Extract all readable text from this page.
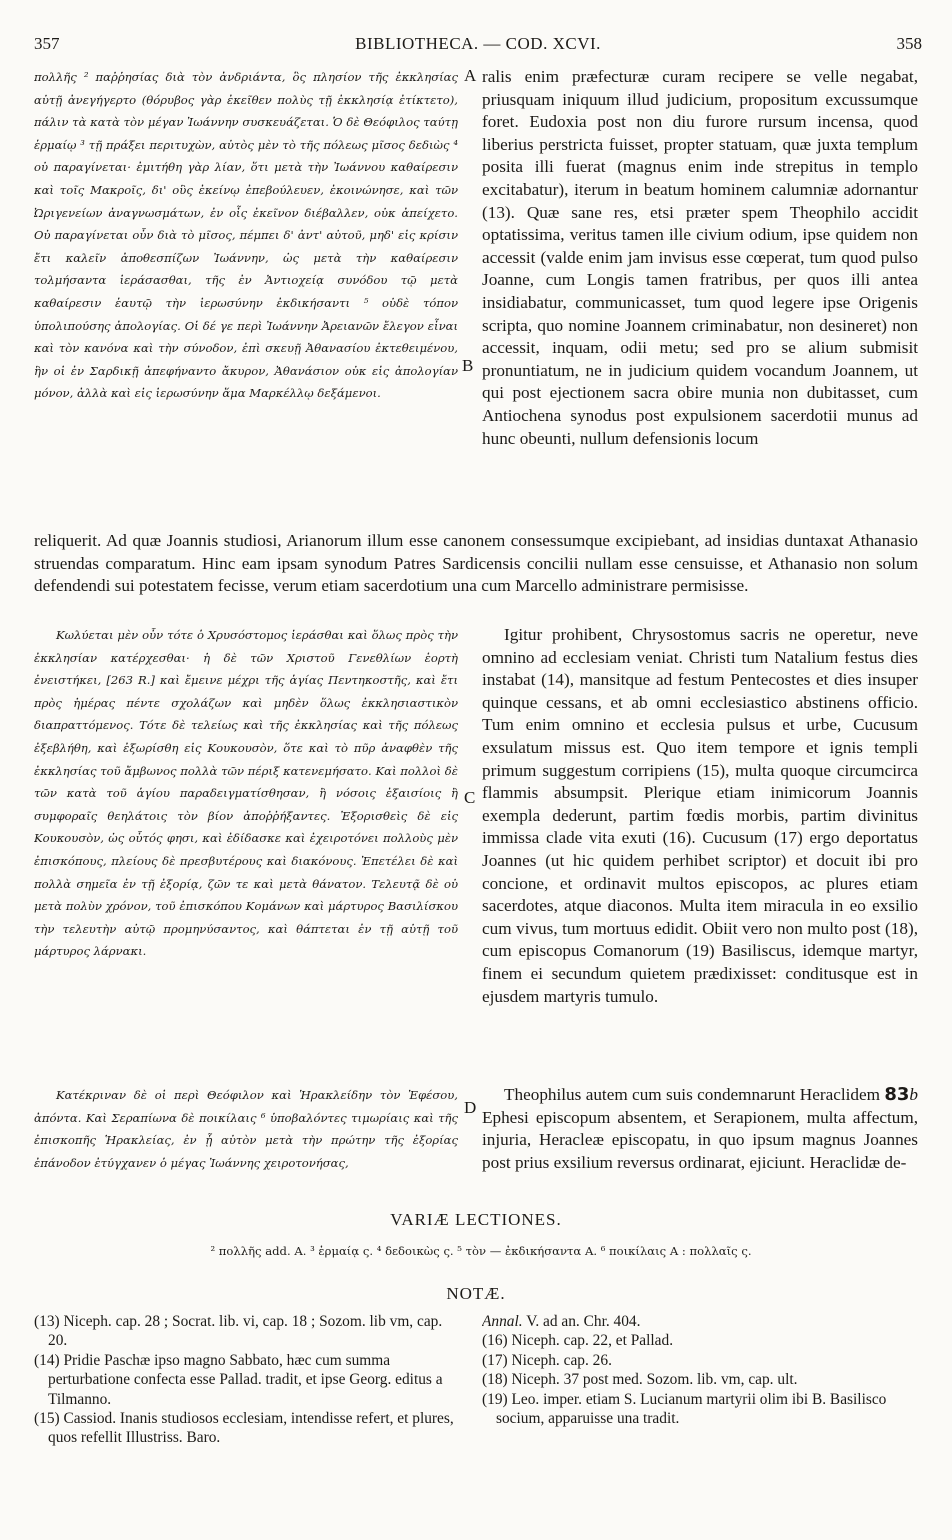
357	BIBLIOTHECA. — COD. XCVI.	358
πολλῆς ² παῤῥησίας διὰ τὸν ἀνδριάντα, ὃς πλησίον τῆς ἐκκλησίας αὐτῇ ἀνεγήγερτο (θόρυβος γὰρ ἐκεῖθεν πολὺς τῇ ἐκκλησίᾳ ἐτίκτετο), πάλιν τὰ κατὰ τὸν μέγαν Ἰωάννην συσκευάζεται. Ὁ δὲ Θεόφιλος ταύτῃ ἑρμαίῳ ³ τῇ πράξει περιτυχὼν, αὐτὸς μὲν τὸ τῆς πόλεως μῖσος δεδιὼς ⁴ οὐ παραγίνεται· ἐμιτήθη γὰρ λίαν, ὅτι μετὰ τὴν Ἰωάννου καθαίρεσιν καὶ τοῖς Μακροῖς, δι' οὓς ἐκείνῳ ἐπεβούλευεν, ἐκοινώνησε, καὶ τῶν Ὠριγενείων ἀναγνωσμάτων, ἐν οἷς ἐκεῖνον διέβαλλεν, οὐκ ἀπείχετο. Οὐ παραγίνεται οὖν διὰ τὸ μῖσος, πέμπει δ' ἀντ' αὐτοῦ, μηδ' εἰς κρίσιν ἔτι καλεῖν ἀποθεσπίζων Ἰωάννην, ὡς μετὰ τὴν καθαίρεσιν τολμήσαντα ἱεράσασθαι, τῆς ἐν Ἀντιοχείᾳ συνόδου τῷ μετὰ καθαίρεσιν ἑαυτῷ τὴν ἱερωσύνην ἐκδικήσαντι ⁵ οὐδὲ τόπον ὑπολιπούσης ἀπολογίας. Οἱ δέ γε περὶ Ἰωάννην Ἀρειανῶν ἔλεγον εἶναι καὶ τὸν κανόνα καὶ τὴν σύνοδον, ἐπὶ σκευῇ Ἀθανασίου ἐκτεθειμένου, ἣν οἱ ἐν Σαρδικῇ ἀπεφήναντο ἄκυρον, Ἀθανάσιον οὐκ εἰς ἀπολογίαν μόνον, ἀλλὰ καὶ εἰς ἱερωσύνην ἅμα Μαρκέλλῳ δεξάμενοι.
ralis enim præfecturæ curam recipere se velle negabat, priusquam iniquum illud judicium, propositum excussumque foret. Eudoxia post non diu furore rursum incensa, quod liberius perstricta fuisset, propter statuam, quæ juxta templum posita illi fuerat (magnus enim inde strepitus in templo excitabatur), iterum in beatum hominem calumniæ adornantur (13). Quæ sane res, etsi præter spem Theophilo accidit optatissima, veritus tamen ille civium odium, ipse quidem non accessit (valde enim jam invisus esse cœperat, tum quod pulso Joanne, cum Longis tamen fratribus, per quos illi antea insidiabatur, communicasset, tum quod legere ipse Origenis scripta, quo nomine Joannem criminabatur, non desineret) non accessit, inquam, odii metu; sed pro se alium submisit pronuntiatum, ne in judicium quidem vocandum Joannem, ut qui post ejectionem sacra obire munia non dubitasset, cum Antiochena synodus post expulsionem sacerdotii munus ad hunc obeunti, nullum defensionis locum
A
B
reliquerit. Ad quæ Joannis studiosi, Arianorum illum esse canonem consessumque excipiebant, ad insidias duntaxat Athanasio struendas comparatum. Hinc eam ipsam synodum Patres Sardicensis concilii nullam esse censuisse, et Athanasio non solum defendendi sui potestatem fecisse, verum etiam sacerdotium una cum Marcello administrare permisisse.
Κωλύεται μὲν οὖν τότε ὁ Χρυσόστομος ἱεράσθαι καὶ ὅλως πρὸς τὴν ἐκκλησίαν κατέρχεσθαι· ἡ δὲ τῶν Χριστοῦ Γενεθλίων ἑορτὴ ἐνειστήκει, [263 R.] καὶ ἔμεινε μέχρι τῆς ἁγίας Πεντηκοστῆς, καὶ ἔτι πρὸς ἡμέρας πέντε σχολάζων καὶ μηδὲν ὅλως ἐκκλησιαστικὸν διαπραττόμενος. Τότε δὲ τελείως καὶ τῆς ἐκκλησίας καὶ τῆς πόλεως ἐξεβλήθη, καὶ ἐξωρίσθη εἰς Κουκουσὸν, ὅτε καὶ τὸ πῦρ ἀναφθὲν τῆς ἐκκλησίας τοῦ ἄμβωνος πολλὰ τῶν πέριξ κατενεμήσατο. Καὶ πολλοὶ δὲ τῶν κατὰ τοῦ ἁγίου παραδειγματίσθησαν, ἢ νόσοις ἐξαισίοις ἢ συμφοραῖς θεηλάτοις τὸν βίον ἀποῤῥήξαντες. Ἐξορισθεὶς δὲ εἰς Κουκουσὸν, ὡς οὗτός φησι, καὶ ἐδίδασκε καὶ ἐχειροτόνει πολλοὺς μὲν ἐπισκόπους, πλείους δὲ πρεσβυτέρους καὶ διακόνους. Ἐπετέλει δὲ καὶ πολλὰ σημεῖα ἐν τῇ ἐξορίᾳ, ζῶν τε καὶ μετὰ θάνατον. Τελευτᾷ δὲ οὐ μετὰ πολὺν χρόνον, τοῦ ἐπισκόπου Κομάνων καὶ μάρτυρος Βασιλίσκου τὴν τελευτὴν αὐτῷ προμηνύσαντος, καὶ θάπτεται ἐν τῇ αὐτῇ τοῦ μάρτυρος λάρνακι.
Igitur prohibent, Chrysostomus sacris ne operetur, neve omnino ad ecclesiam veniat. Christi tum Natalium festus dies instabat (14), mansitque ad festum Pentecostes et dies insuper quinque cessans, et ab omni ecclesiastico abstinens officio. Tum enim omnino et ecclesia pulsus et urbe, Cucusum exsulatum missus est. Quo item tempore et ignis templi primum suggestum corripiens (15), multa quoque circumcirca flammis absumpsit. Plerique etiam inimicorum Joannis exempla dederunt, partim fœdis morbis, partim divinitus immissa clade vita exuti (16). Cucusum (17) ergo deportatus Joannes (ut hic quidem perhibet scriptor) et docuit ibi pro concione, et ordinavit multos episcopos, ac plures etiam sacerdotes, atque diaconos. Multa item miracula in eo exsilio cum vivus, tum mortuus edidit. Obiit vero non multo post (18), cum episcopus Comanorum (19) Basiliscus, idemque martyr, finem ei secundum quietem prædixisset: conditusque est in ejusdem martyris tumulo.
C
D
Κατέκριναν δὲ οἱ περὶ Θεόφιλον καὶ Ἡρακλείδην τὸν Ἐφέσου, ἀπόντα. Καὶ Σεραπίωνα δὲ ποικίλαις ⁶ ὑποβαλόντες τιμωρίαις καὶ τῆς ἐπισκοπῆς Ἡρακλείας, ἐν ᾗ αὐτὸν μετὰ τὴν πρώτην τῆς ἐξορίας ἐπάνοδον ἐτύγχανεν ὁ μέγας Ἰωάννης χειροτονήσας,
Theophilus autem cum suis condemnarunt Heraclidem 83b Ephesi episcopum absentem, et Serapionem, multa affectum, injuria, Heracleæ episcopatu, in quo ipsum magnus Joannes post prius exsilium reversus ordinarat, ejiciunt. Heraclidæ de-
VARIÆ LECTIONES.
² πολλῆς add. A. ³ ἑρμαίᾳ ς. ⁴ δεδοικὼς ς. ⁵ τὸν — ἐκδικήσαντα A. ⁶ ποικίλαις A : πολλαῖς ς.
NOTÆ.
(13) Niceph. cap. 28 ; Socrat. lib. vi, cap. 18 ; Sozom. lib vm, cap. 20.
(14) Pridie Paschæ ipso magno Sabbato, hæc cum summa perturbatione confecta esse Pallad. tradit, et ipse Georg. editus a Tilmanno.
(15) Cassiod. Inanis studiosos ecclesiam, intendisse refert, et plures, quos refellit Illustriss. Baro.
Annal. V. ad an. Chr. 404.
(16) Niceph. cap. 22, et Pallad.
(17) Niceph. cap. 26.
(18) Niceph. 37 post med. Sozom. lib. vm, cap. ult.
(19) Leo. imper. etiam S. Lucianum martyrii olim ibi B. Basilisco socium, apparuisse una tradit.
